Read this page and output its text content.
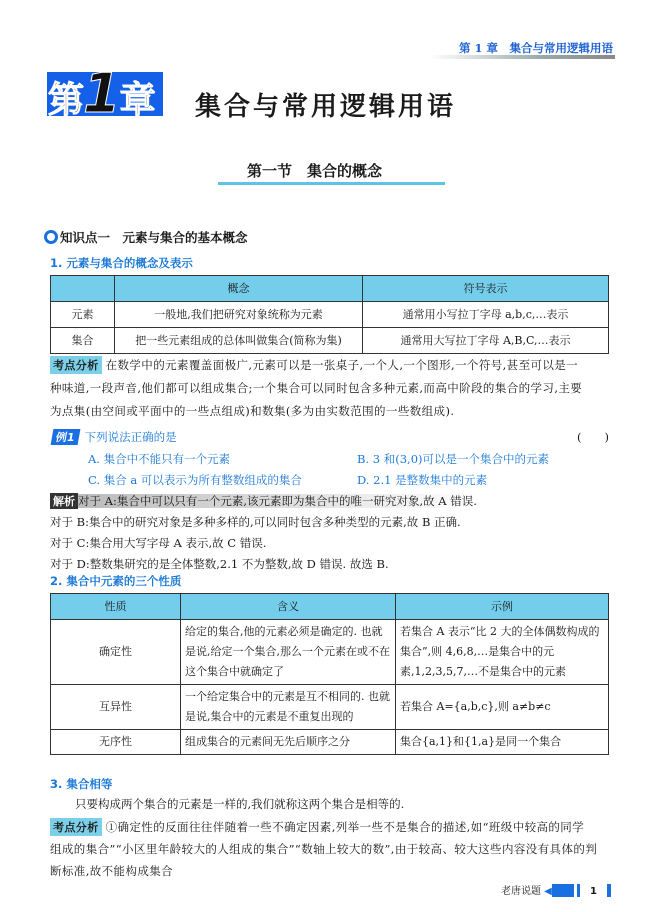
第 1 章　集合与常用逻辑用语
第1章 集合与常用逻辑用语
第一节　集合的概念
知识点一　 元素与集合的基本概念
1. 元素与集合的概念及表示
	概念	符号表示
元素	一般地,我们把研究对象统称为元素	通常用小写拉丁字母 a,b,c,…表示
集合	把一些元素组成的总体叫做集合(简称为集)	通常用大写拉丁字母 A,B,C,…表示
考点分析 在数学中的元素覆盖面极广,元素可以是一张桌子,一个人,一个图形,一个符号,甚至可以是一
种味道,一段声音,他们都可以组成集合;一个集合可以同时包含多种元素,而高中阶段的集合的学习,主要
为点集(由空间或平面中的一些点组成)和数集(多为由实数范围的一些数组成).
例1 下列说法正确的是	(　　)
A. 集合中不能只有一个元素	B. 3 和(3,0)可以是一个集合中的元素
C. 集合 a 可以表示为所有整数组成的集合	D. 2.1 是整数集中的元素
解析 对于 A:集合中可以只有一个元素,该元素即为集合中的唯一研究对象,故 A 错误.
对于 B:集合中的研究对象是多种多样的,可以同时包含多种类型的元素,故 B 正确.
对于 C:集合用大写字母 A 表示,故 C 错误.
对于 D:整数集研究的是全体整数,2.1 不为整数,故 D 错误. 故选 B.
2. 集合中元素的三个性质
性质	含义	示例
确定性	给定的集合,他的元素必须是确定的. 也就是说,给定一个集合,那么一个元素在或不在这个集合中就确定了	若集合 A 表示“比 2 大的全体偶数构成的集合”,则 4,6,8,…是集合中的元素,1,2,3,5,7,…不是集合中的元素
互异性	一个给定集合中的元素是互不相同的. 也就是说,集合中的元素是不重复出现的	若集合 A={a,b,c},则 a≠b≠c
无序性	组成集合的元素间无先后顺序之分	集合{a,1}和{1,a}是同一个集合
3. 集合相等
只要构成两个集合的元素是一样的,我们就称这两个集合是相等的.
考点分析 ①确定性的反面往往伴随着一些不确定因素,列举一些不是集合的描述,如“班级中较高的同学
组成的集合”“小区里年龄较大的人组成的集合”“数轴上较大的数”,由于较高、较大这些内容没有具体的判
断标准,故不能构成集合
老唐说题 ◀ 　	1　
